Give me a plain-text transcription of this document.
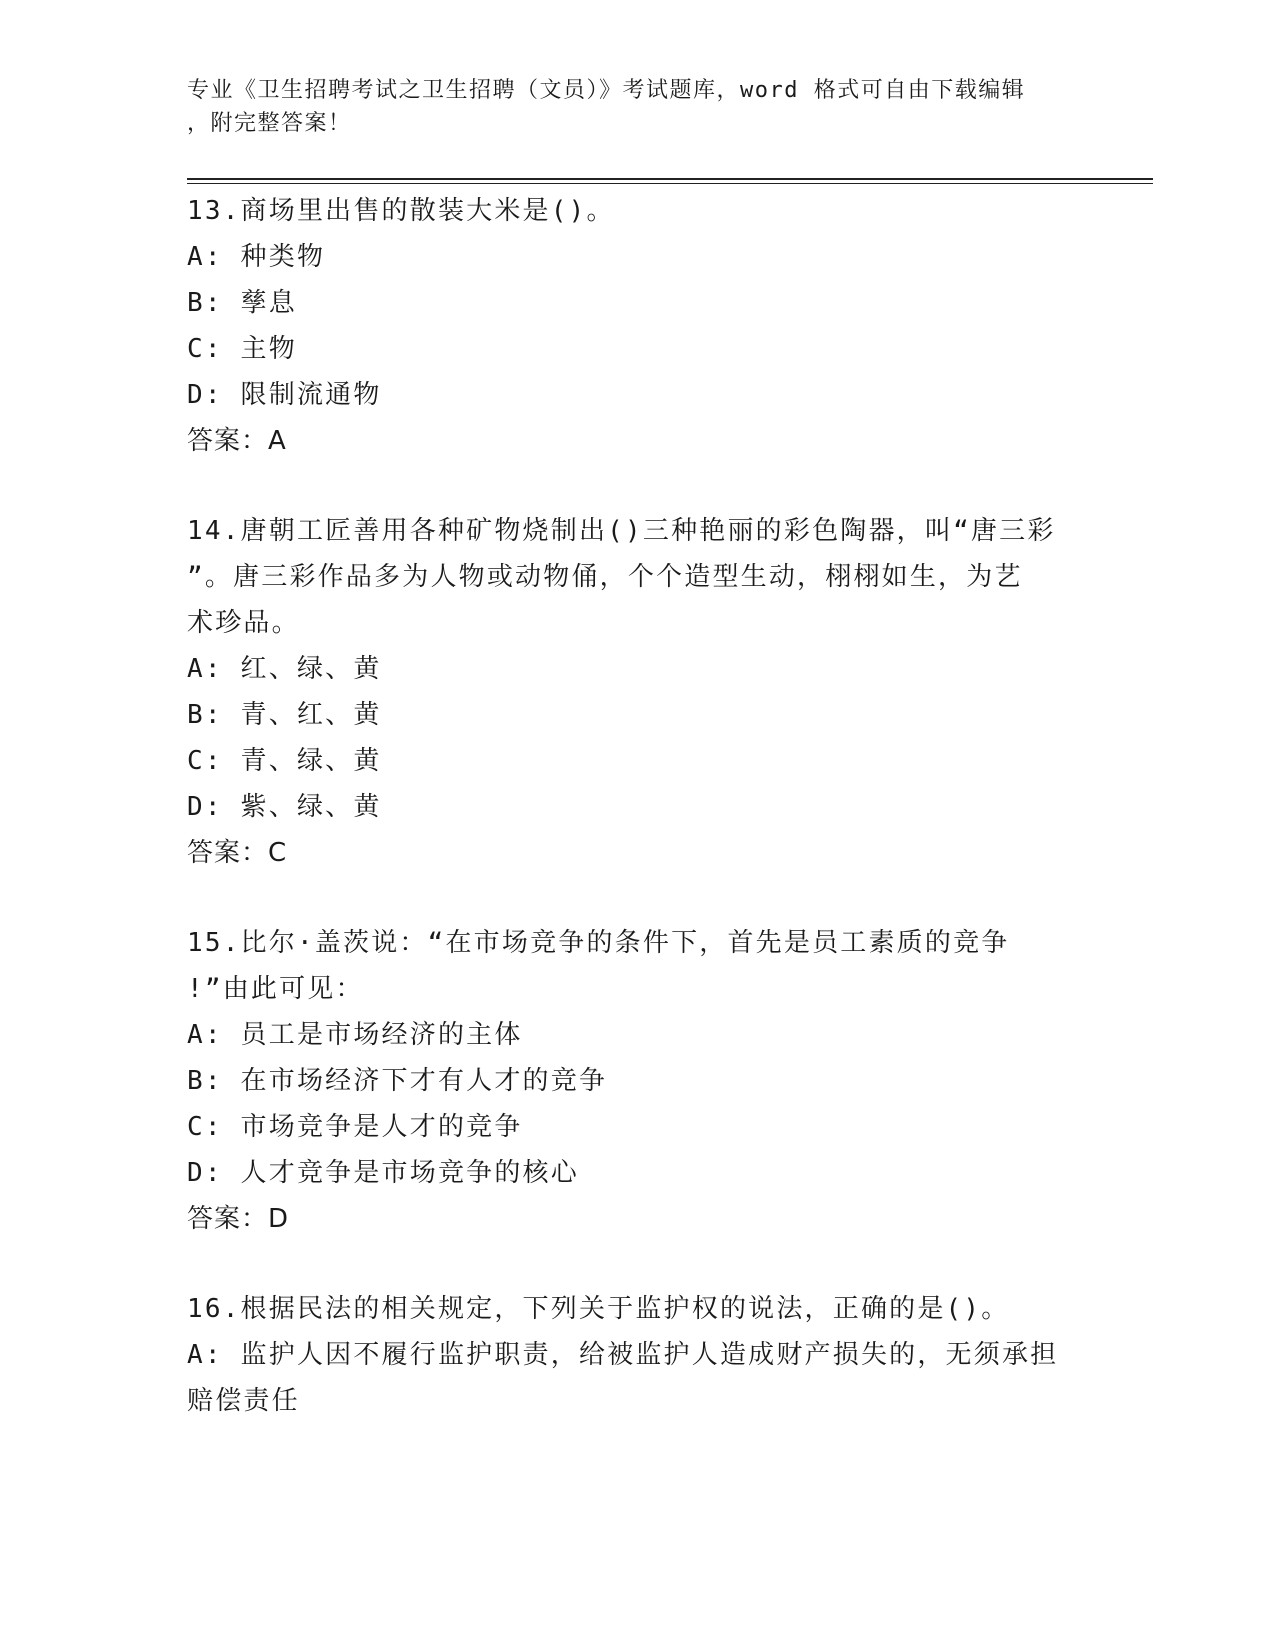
专业《卫生招聘考试之卫生招聘（文员）》考试题库，word 格式可自由下载编辑
，附完整答案！
13.商场里出售的散装大米是()。
A: 种类物
B: 孳息
C: 主物
D: 限制流通物
答案：A
14.唐朝工匠善用各种矿物烧制出()三种艳丽的彩色陶器，叫“唐三彩
”。唐三彩作品多为人物或动物俑，个个造型生动，栩栩如生，为艺
术珍品。
A: 红、绿、黄
B: 青、红、黄
C: 青、绿、黄
D: 紫、绿、黄
答案：C
15.比尔·盖茨说：“在市场竞争的条件下，首先是员工素质的竞争
!”由此可见：
A: 员工是市场经济的主体
B: 在市场经济下才有人才的竞争
C: 市场竞争是人才的竞争
D: 人才竞争是市场竞争的核心
答案：D
16.根据民法的相关规定，下列关于监护权的说法，正确的是()。
A: 监护人因不履行监护职责，给被监护人造成财产损失的，无须承担
赔偿责任
